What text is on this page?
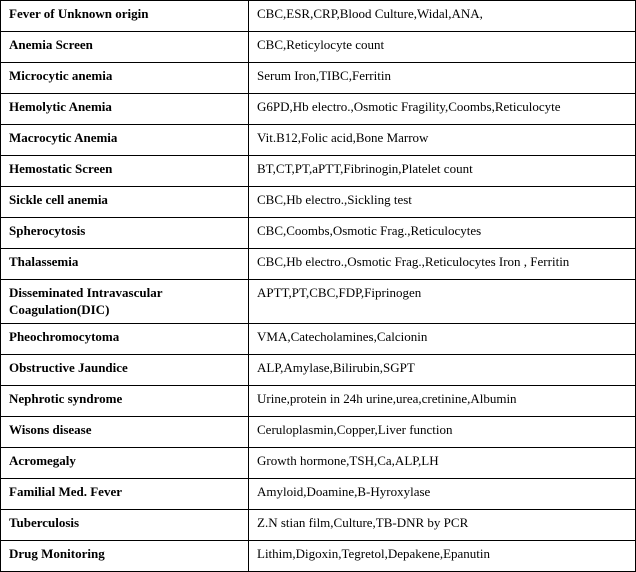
Fever of Unknown origin	CBC,ESR,CRP,Blood Culture,Widal,ANA,
Anemia Screen	CBC,Reticylocyte count
Microcytic anemia	Serum Iron,TIBC,Ferritin
Hemolytic Anemia	G6PD,Hb electro.,Osmotic Fragility,Coombs,Reticulocyte
Macrocytic Anemia	Vit.B12,Folic acid,Bone Marrow
Hemostatic Screen	BT,CT,PT,aPTT,Fibrinogin,Platelet count
Sickle cell anemia	CBC,Hb electro.,Sickling test
Spherocytosis	CBC,Coombs,Osmotic Frag.,Reticulocytes
Thalassemia	CBC,Hb electro.,Osmotic Frag.,Reticulocytes Iron , Ferritin
Disseminated Intravascular Coagulation(DIC)	APTT,PT,CBC,FDP,Fiprinogen
Pheochromocytoma	VMA,Catecholamines,Calcionin
Obstructive Jaundice	ALP,Amylase,Bilirubin,SGPT
Nephrotic syndrome	Urine,protein in 24h urine,urea,cretinine,Albumin
Wisons disease	Ceruloplasmin,Copper,Liver function
Acromegaly	Growth hormone,TSH,Ca,ALP,LH
Familial Med. Fever	Amyloid,Doamine,B-Hyroxylase
Tuberculosis	Z.N stian film,Culture,TB-DNR by PCR
Drug Monitoring	Lithim,Digoxin,Tegretol,Depakene,Epanutin
